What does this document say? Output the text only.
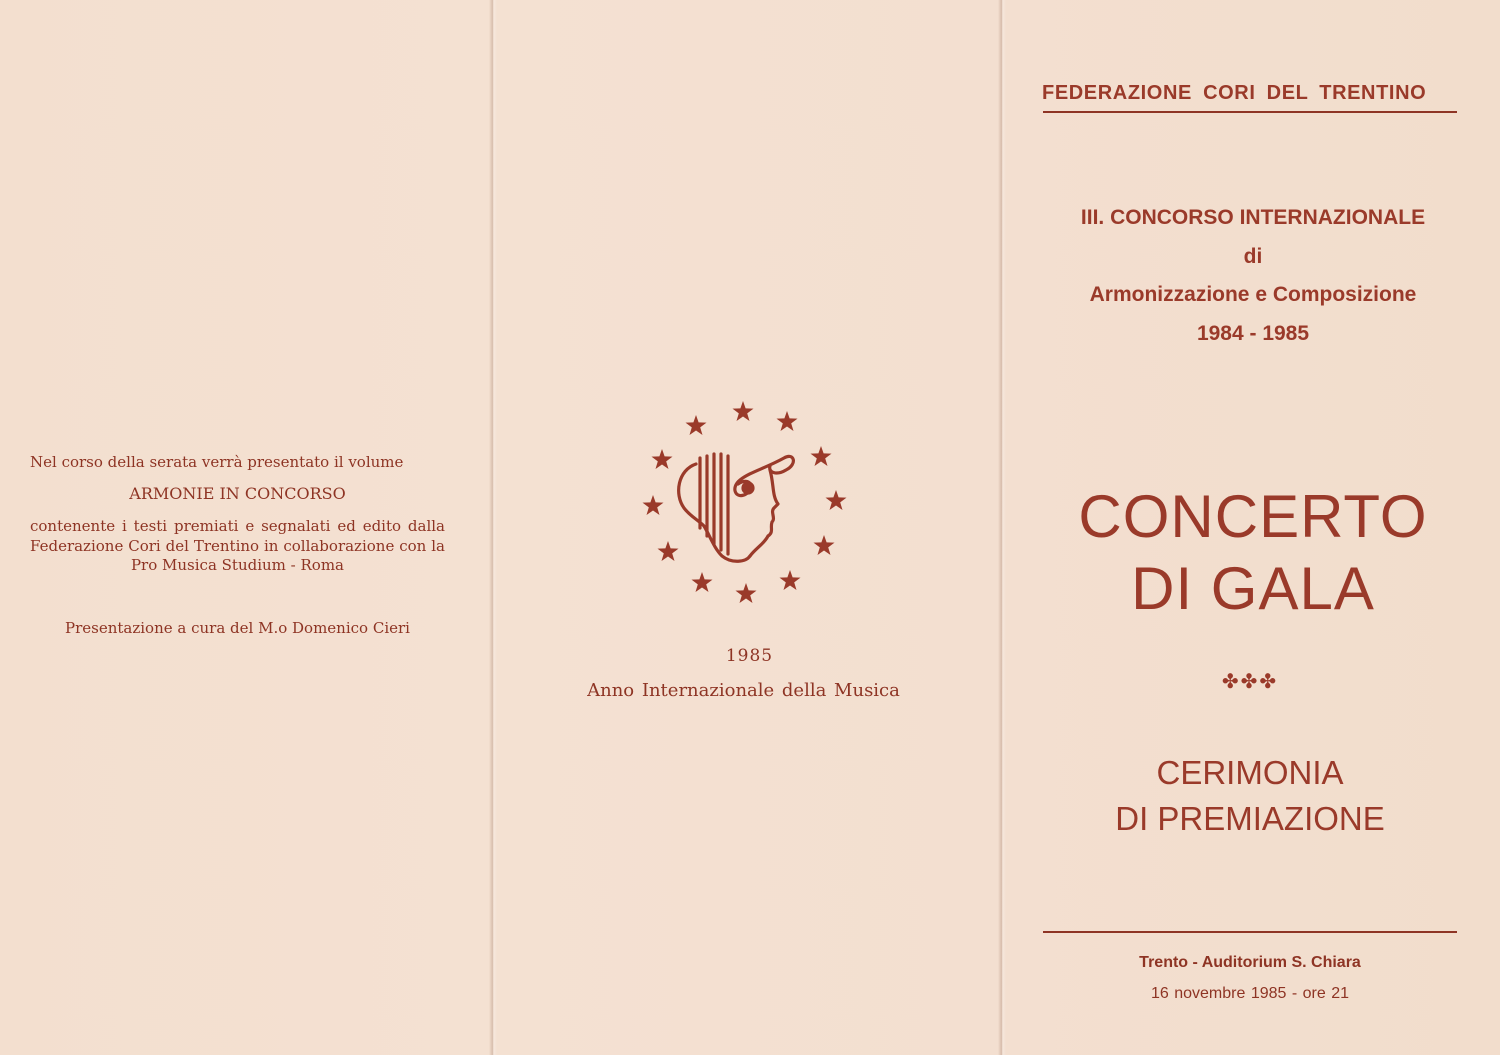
Nel corso della serata verrà presentato il volume
ARMONIE IN CONCORSO
contenente i testi premiati e segnalati ed edito dalla Federazione Cori del Trentino in collaborazione con la Pro Musica Studium - Roma
Presentazione a cura del M.o Domenico Cieri
1985
Anno Internazionale della Musica
FEDERAZIONE CORI DEL TRENTINO
III. CONCORSO INTERNAZIONALE
di
Armonizzazione e Composizione
1984 - 1985
CONCERTO
DI GALA
✤✤✤
CERIMONIA
DI PREMIAZIONE
Trento - Auditorium S. Chiara
16 novembre 1985 - ore 21
